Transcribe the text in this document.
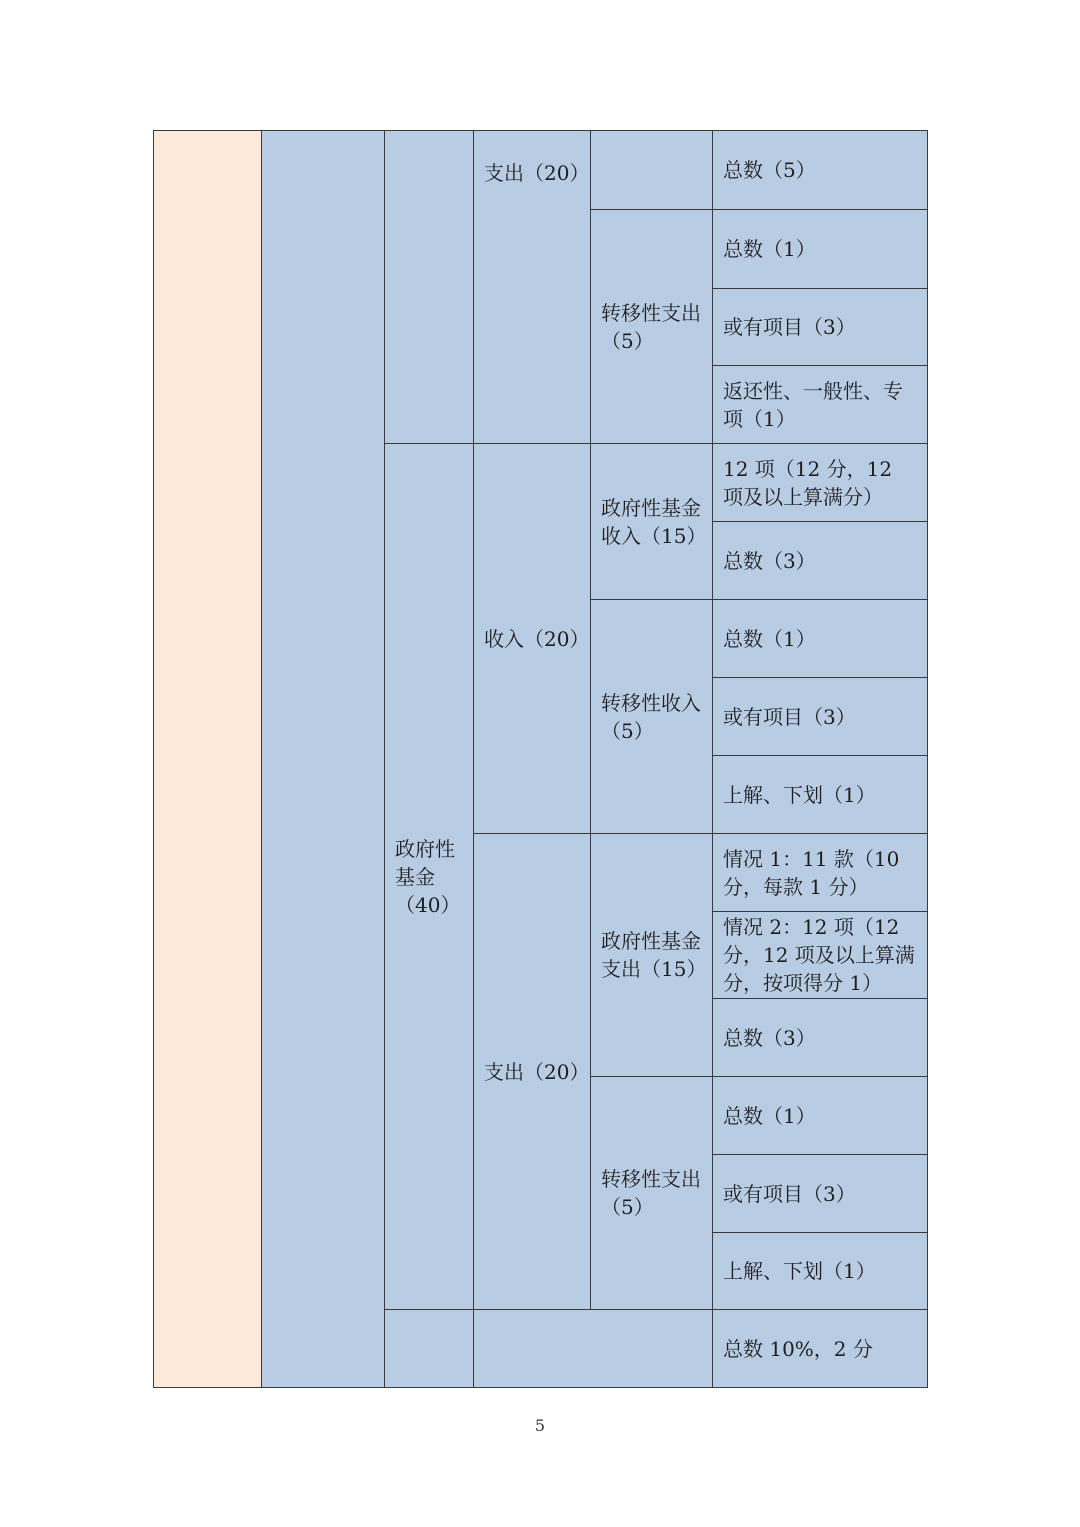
支出（20）	总数（5）
转移性支出（5）
总数（1）
或有项目（3）
返还性、一般性、专项（1）
政府性基金（40）
收入（20）
政府性基金收入（15）
12 项（12 分，12 项及以上算满分）
总数（3）
转移性收入（5）
总数（1）
或有项目（3）
上解、下划（1）
支出（20）
政府性基金支出（15）
情况 1：11 款（10 分，每款 1 分）
情况 2：12 项（12 分，12 项及以上算满分，按项得分 1）
总数（3）
转移性支出（5）
总数（1）
或有项目（3）
上解、下划（1）
总数 10%，2 分
5
